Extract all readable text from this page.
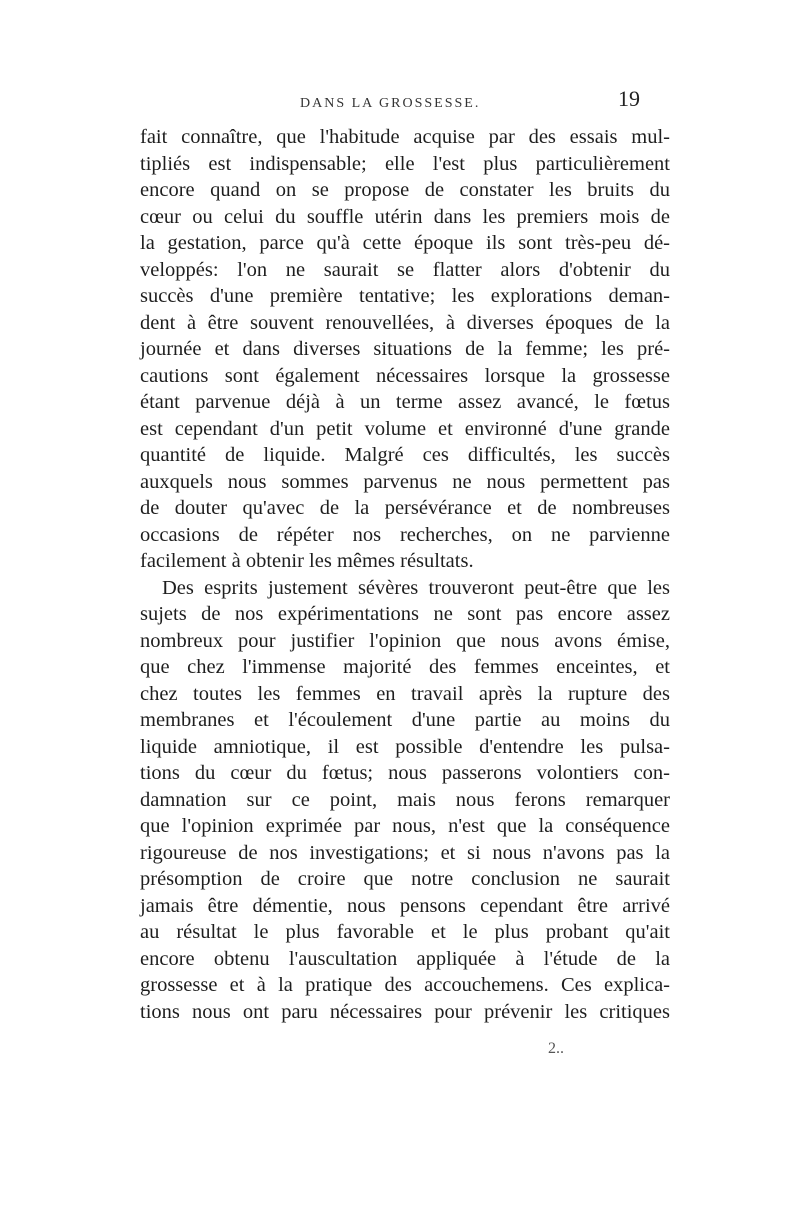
DANS LA GROSSESSE.	19
fait connaître, que l'habitude acquise par des essais mul-
tipliés est indispensable; elle l'est plus particulièrement
encore quand on se propose de constater les bruits du
cœur ou celui du souffle utérin dans les premiers mois de
la gestation, parce qu'à cette époque ils sont très-peu dé-
veloppés: l'on ne saurait se flatter alors d'obtenir du
succès d'une première tentative; les explorations deman-
dent à être souvent renouvellées, à diverses époques de la
journée et dans diverses situations de la femme; les pré-
cautions sont également nécessaires lorsque la grossesse
étant parvenue déjà à un terme assez avancé, le fœtus
est cependant d'un petit volume et environné d'une grande
quantité de liquide. Malgré ces difficultés, les succès
auxquels nous sommes parvenus ne nous permettent pas
de douter qu'avec de la persévérance et de nombreuses
occasions de répéter nos recherches, on ne parvienne
facilement à obtenir les mêmes résultats.
Des esprits justement sévères trouveront peut-être que les
sujets de nos expérimentations ne sont pas encore assez
nombreux pour justifier l'opinion que nous avons émise,
que chez l'immense majorité des femmes enceintes, et
chez toutes les femmes en travail après la rupture des
membranes et l'écoulement d'une partie au moins du
liquide amniotique, il est possible d'entendre les pulsa-
tions du cœur du fœtus; nous passerons volontiers con-
damnation sur ce point, mais nous ferons remarquer
que l'opinion exprimée par nous, n'est que la conséquence
rigoureuse de nos investigations; et si nous n'avons pas la
présomption de croire que notre conclusion ne saurait
jamais être démentie, nous pensons cependant être arrivé
au résultat le plus favorable et le plus probant qu'ait
encore obtenu l'auscultation appliquée à l'étude de la
grossesse et à la pratique des accouchemens. Ces explica-
tions nous ont paru nécessaires pour prévenir les critiques
2..
